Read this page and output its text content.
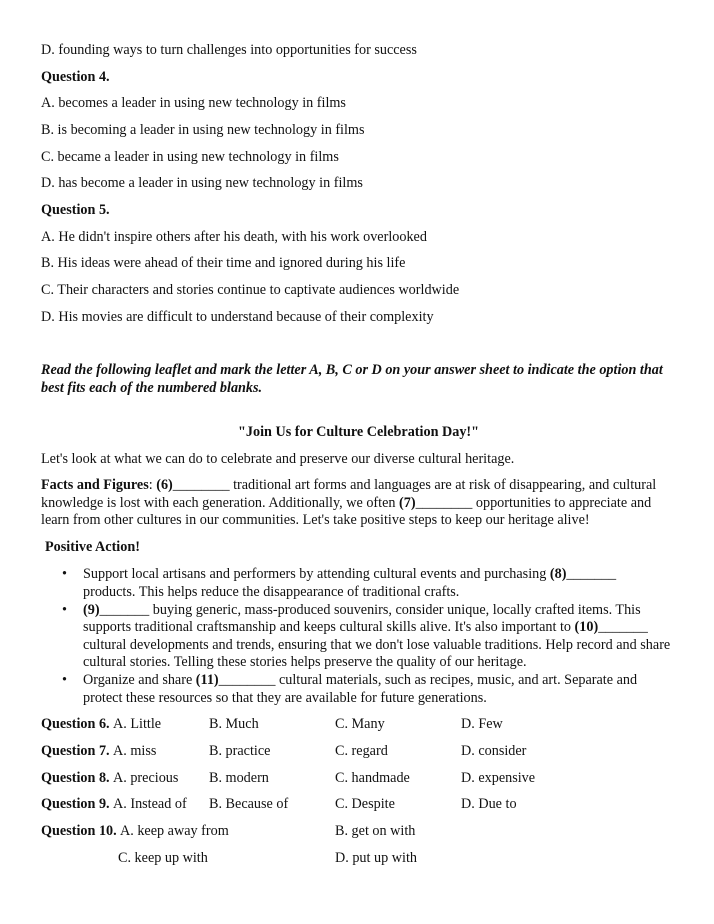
D. founding ways to turn challenges into opportunities for success
Question 4.
A. becomes a leader in using new technology in films
B. is becoming a leader in using new technology in films
C. became a leader in using new technology in films
D. has become a leader in using new technology in films
Question 5.
A. He didn't inspire others after his death, with his work overlooked
B. His ideas were ahead of their time and ignored during his life
C. Their characters and stories continue to captivate audiences worldwide
D. His movies are difficult to understand because of their complexity
Read the following leaflet and mark the letter A, B, C or D on your answer sheet to indicate the option that best fits each of the numbered blanks.
"Join Us for Culture Celebration Day!"
Let's look at what we can do to celebrate and preserve our diverse cultural heritage.
Facts and Figures: (6)________ traditional art forms and languages are at risk of disappearing, and cultural knowledge is lost with each generation. Additionally, we often (7)________ opportunities to appreciate and learn from other cultures in our communities. Let's take positive steps to keep our heritage alive!
Positive Action!
• Support local artisans and performers by attending cultural events and purchasing (8)_______ products. This helps reduce the disappearance of traditional crafts.
• (9)_______ buying generic, mass-produced souvenirs, consider unique, locally crafted items. This supports traditional craftsmanship and keeps cultural skills alive. It's also important to (10)_______ cultural developments and trends, ensuring that we don't lose valuable traditions. Help record and share cultural stories. Telling these stories helps preserve the quality of our heritage.
• Organize and share (11)________ cultural materials, such as recipes, music, and art. Separate and protect these resources so that they are available for future generations.
Question 6. A. Little	B. Much	C. Many	D. Few
Question 7. A. miss	B. practice	C. regard	D. consider
Question 8. A. precious B. modern	C. handmade	D. expensive
Question 9. A. Instead of B. Because of	C. Despite	D. Due to
Question 10. A. keep away from	B. get on with
C. keep up with	D. put up with
